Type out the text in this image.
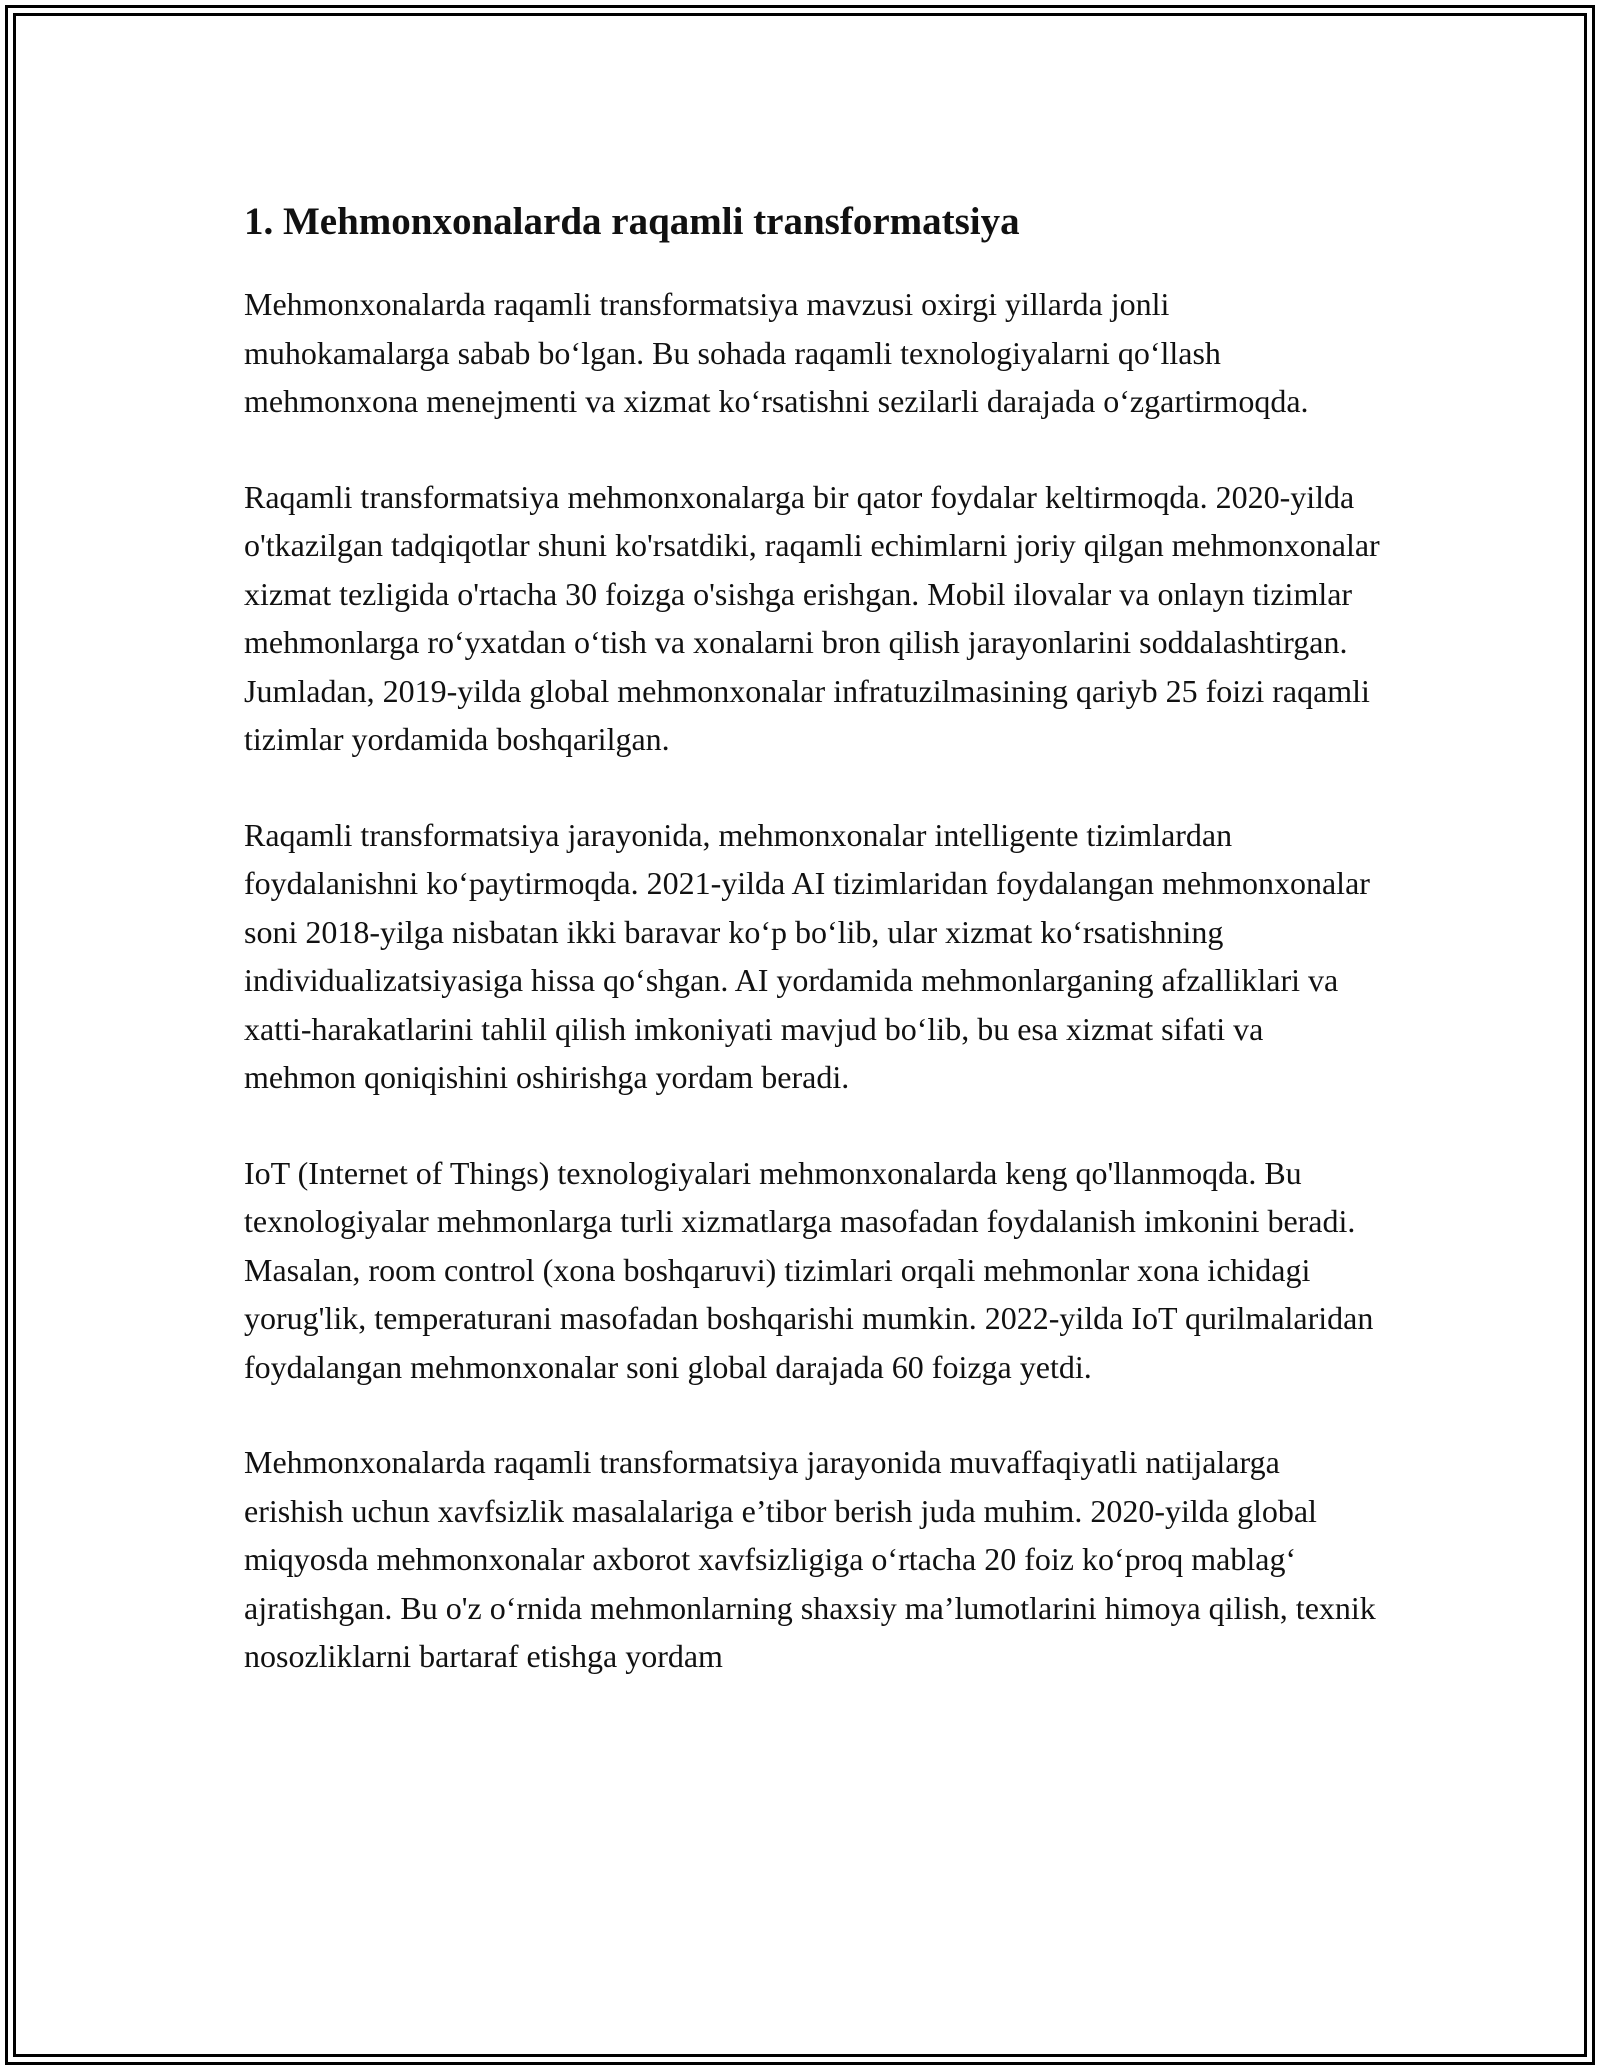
1. Mehmonxonalarda raqamli transformatsiya

Mehmonxonalarda raqamli transformatsiya mavzusi oxirgi yillarda jonli muhokamalarga sabab bo‘lgan. Bu sohada raqamli texnologiyalarni qo‘llash mehmonxona menejmenti va xizmat ko‘rsatishni sezilarli darajada o‘zgartirmoqda.

Raqamli transformatsiya mehmonxonalarga bir qator foydalar keltirmoqda. 2020-yilda o'tkazilgan tadqiqotlar shuni ko'rsatdiki, raqamli echimlarni joriy qilgan mehmonxonalar xizmat tezligida o'rtacha 30 foizga o'sishga erishgan. Mobil ilovalar va onlayn tizimlar mehmonlarga ro‘yxatdan o‘tish va xonalarni bron qilish jarayonlarini soddalashtirgan. Jumladan, 2019-yilda global mehmonxonalar infratuzilmasining qariyb 25 foizi raqamli tizimlar yordamida boshqarilgan.

Raqamli transformatsiya jarayonida, mehmonxonalar intelligente tizimlardan foydalanishni ko‘paytirmoqda. 2021-yilda AI tizimlaridan foydalangan mehmonxonalar soni 2018-yilga nisbatan ikki baravar ko‘p bo‘lib, ular xizmat ko‘rsatishning individualizatsiyasiga hissa qo‘shgan. AI yordamida mehmonlarganing afzalliklari va xatti-harakatlarini tahlil qilish imkoniyati mavjud bo‘lib, bu esa xizmat sifati va mehmon qoniqishini oshirishga yordam beradi.

IoT (Internet of Things) texnologiyalari mehmonxonalarda keng qo'llanmoqda. Bu texnologiyalar mehmonlarga turli xizmatlarga masofadan foydalanish imkonini beradi. Masalan, room control (xona boshqaruvi) tizimlari orqali mehmonlar xona ichidagi yorug'lik, temperaturani masofadan boshqarishi mumkin. 2022-yilda IoT qurilmalaridan foydalangan mehmonxonalar soni global darajada 60 foizga yetdi.

Mehmonxonalarda raqamli transformatsiya jarayonida muvaffaqiyatli natijalarga erishish uchun xavfsizlik masalalariga e’tibor berish juda muhim. 2020-yilda global miqyosda mehmonxonalar axborot xavfsizligiga o‘rtacha 20 foiz ko‘proq mablag‘ ajratishgan. Bu o'z o‘rnida mehmonlarning shaxsiy ma’lumotlarini himoya qilish, texnik nosozliklarni bartaraf etishga yordam
